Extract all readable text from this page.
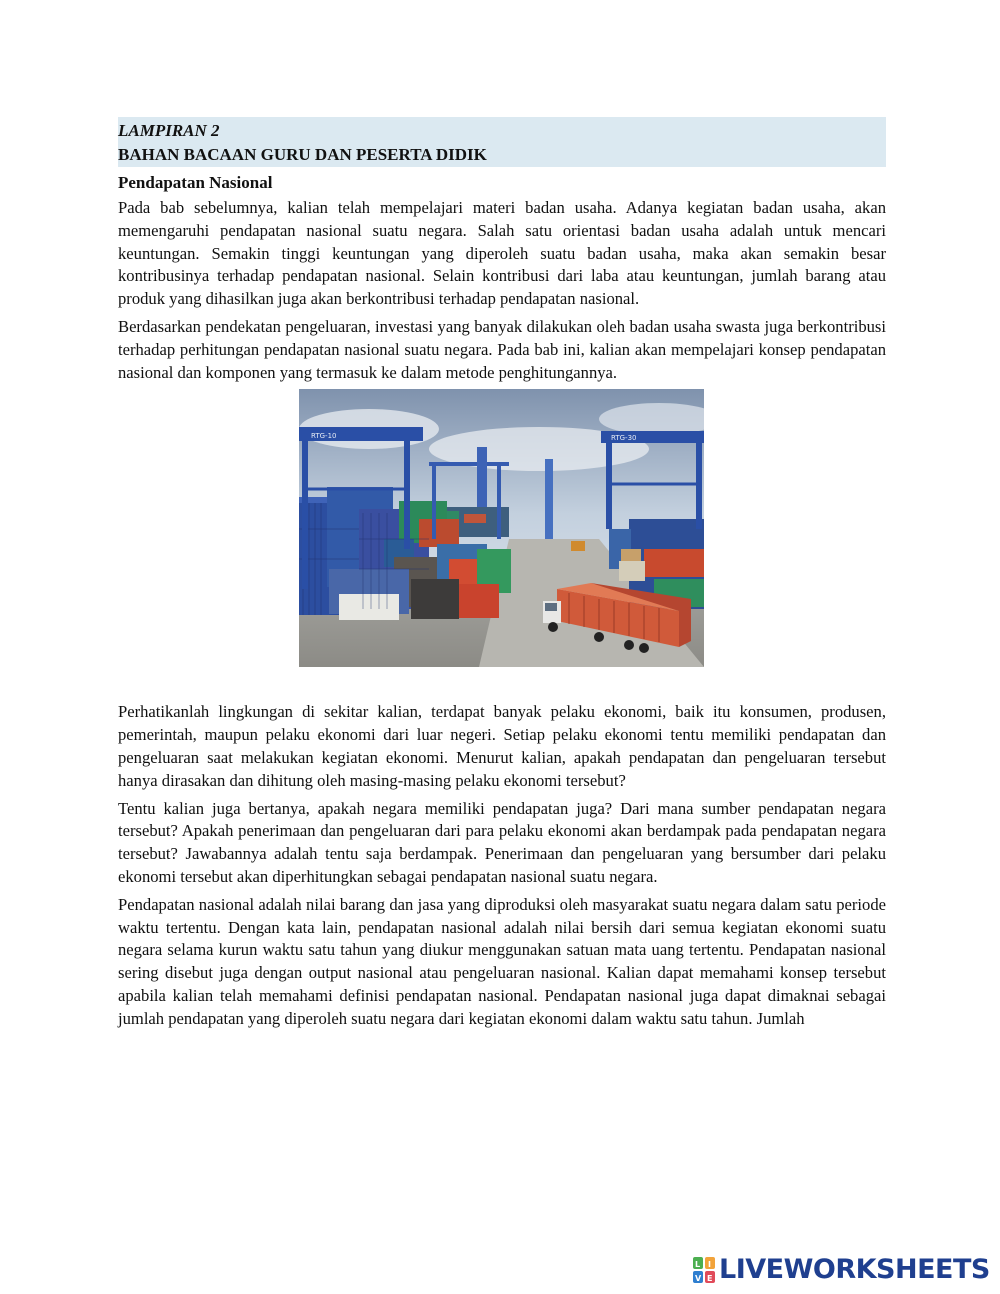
LAMPIRAN 2
BAHAN BACAAN GURU DAN PESERTA DIDIK
Pendapatan Nasional

Pada bab sebelumnya, kalian telah mempelajari materi badan usaha. Adanya kegiatan badan usaha, akan memengaruhi pendapatan nasional suatu negara. Salah satu orientasi badan usaha adalah untuk mencari keuntungan. Semakin tinggi keuntungan yang diperoleh suatu badan usaha, maka akan semakin besar kontribusinya terhadap pendapatan nasional. Selain kontribusi dari laba atau keuntungan, jumlah barang atau produk yang dihasilkan juga akan berkontribusi terhadap pendapatan nasional.

Berdasarkan pendekatan pengeluaran, investasi yang banyak dilakukan oleh badan usaha swasta juga berkontribusi terhadap perhitungan pendapatan nasional suatu negara. Pada bab ini, kalian akan mempelajari konsep pendapatan nasional dan komponen yang termasuk ke dalam metode penghitungannya.

RTG-10	RTG-30

Perhatikanlah lingkungan di sekitar kalian, terdapat banyak pelaku ekonomi, baik itu konsumen, produsen, pemerintah, maupun pelaku ekonomi dari luar negeri. Setiap pelaku ekonomi tentu memiliki pendapatan dan pengeluaran saat melakukan kegiatan ekonomi. Menurut kalian, apakah pendapatan dan pengeluaran tersebut hanya dirasakan dan dihitung oleh masing-masing pelaku ekonomi tersebut?

Tentu kalian juga bertanya, apakah negara memiliki pendapatan juga? Dari mana sumber pendapatan negara tersebut? Apakah penerimaan dan pengeluaran dari para pelaku ekonomi akan berdampak pada pendapatan negara tersebut? Jawabannya adalah tentu saja berdampak. Penerimaan dan pengeluaran yang bersumber dari pelaku ekonomi tersebut akan diperhitungkan sebagai pendapatan nasional suatu negara.

Pendapatan nasional adalah nilai barang dan jasa yang diproduksi oleh masyarakat suatu negara dalam satu periode waktu tertentu. Dengan kata lain, pendapatan nasional adalah nilai bersih dari semua kegiatan ekonomi suatu negara selama kurun waktu satu tahun yang diukur menggunakan satuan mata uang tertentu. Pendapatan nasional sering disebut juga dengan output nasional atau pengeluaran nasional. Kalian dapat memahami konsep tersebut apabila kalian telah memahami definisi pendapatan nasional. Pendapatan nasional juga dapat dimaknai sebagai jumlah pendapatan yang diperoleh suatu negara dari kegiatan ekonomi dalam waktu satu tahun. Jumlah

L I
V E LIVEWORKSHEETS
